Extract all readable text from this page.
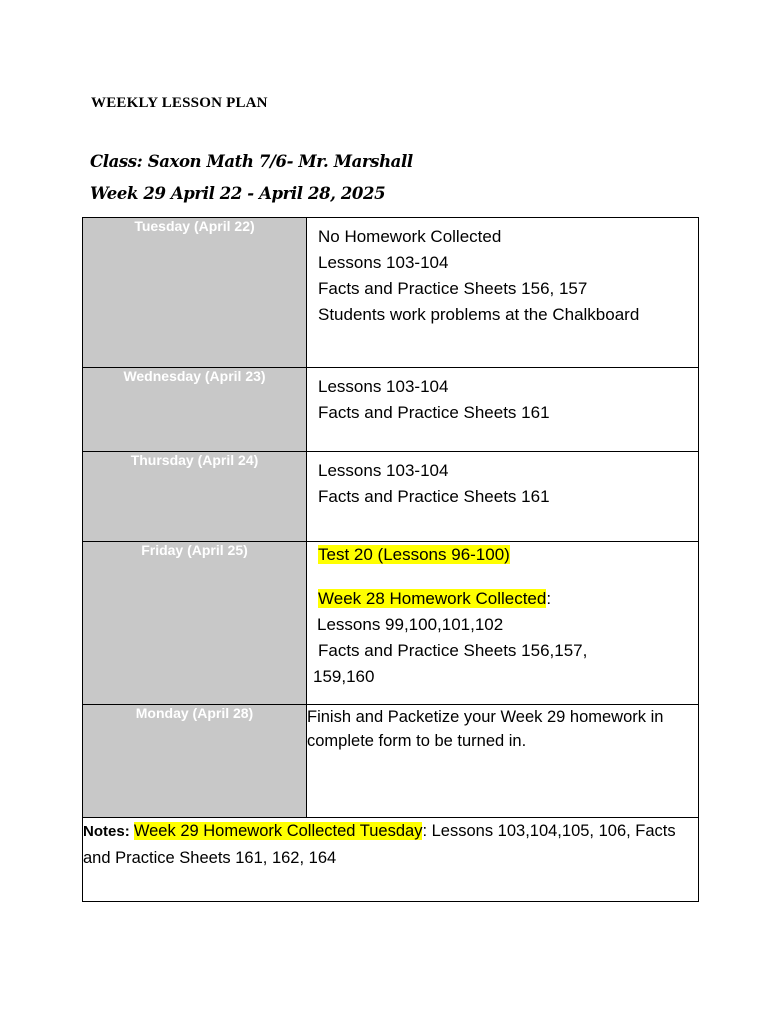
WEEKLY LESSON PLAN
Class: Saxon Math 7/6- Mr. Marshall
Week 29 April 22 - April 28, 2025
Tuesday (April 22)	No Homework Collected
Lessons 103-104
Facts and Practice Sheets 156, 157
Students work problems at the Chalkboard

Wednesday (April 23)	Lessons 103-104
Facts and Practice Sheets 161

Thursday (April 24)	Lessons 103-104
Facts and Practice Sheets 161

Friday (April 25)	Test 20 (Lessons 96-100)
Week 28 Homework Collected:
Lessons 99,100,101,102
Facts and Practice Sheets 156,157,
159,160

Monday (April 28)	Finish and Packetize your Week 29 homework in complete form to be turned in.
Notes: Week 29 Homework Collected Tuesday: Lessons 103,104,105, 106, Facts and Practice Sheets 161, 162, 164	
